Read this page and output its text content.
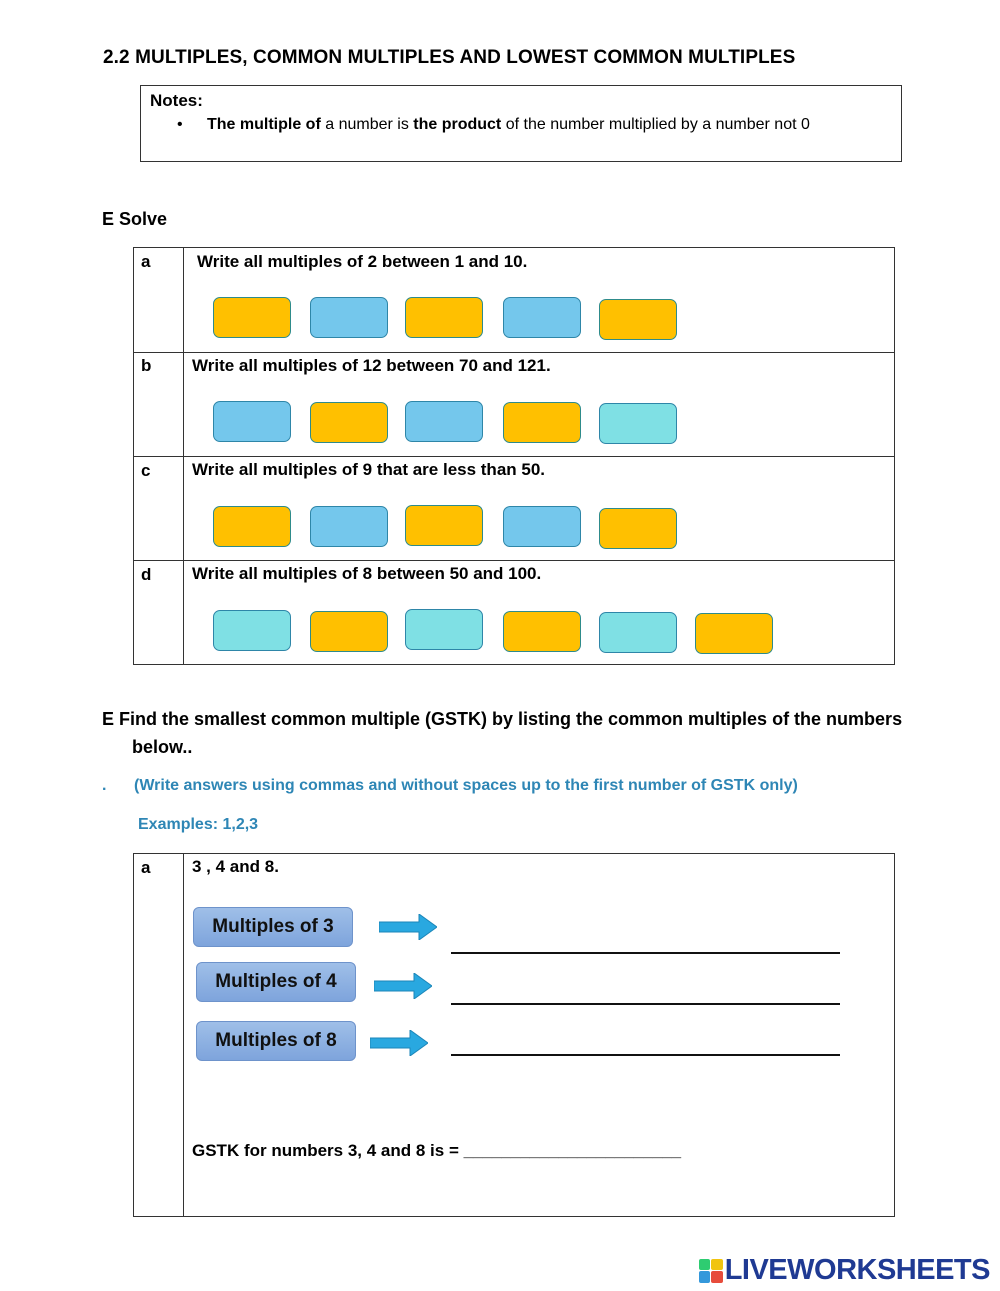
2.2 MULTIPLES, COMMON MULTIPLES AND LOWEST COMMON MULTIPLES
Notes:
• The multiple of a number is the product of the number multiplied by a number not 0
E Solve
a	Write all multiples of 2 between 1 and 10.
b Write all multiples of 12 between 70 and 121.
c Write all multiples of 9 that are less than 50.
d Write all multiples of 8 between 50 and 100.
E Find the smallest common multiple (GSTK) by listing the common multiples of the numbers
below..
. (Write answers using commas and without spaces up to the first number of GSTK only)
Examples: 1,2,3
a 3 , 4 and 8.
Multiples of 3
Multiples of 4
Multiples of 8
GSTK for numbers 3, 4 and 8 is = _______________________
LIVEWORKSHEETS
